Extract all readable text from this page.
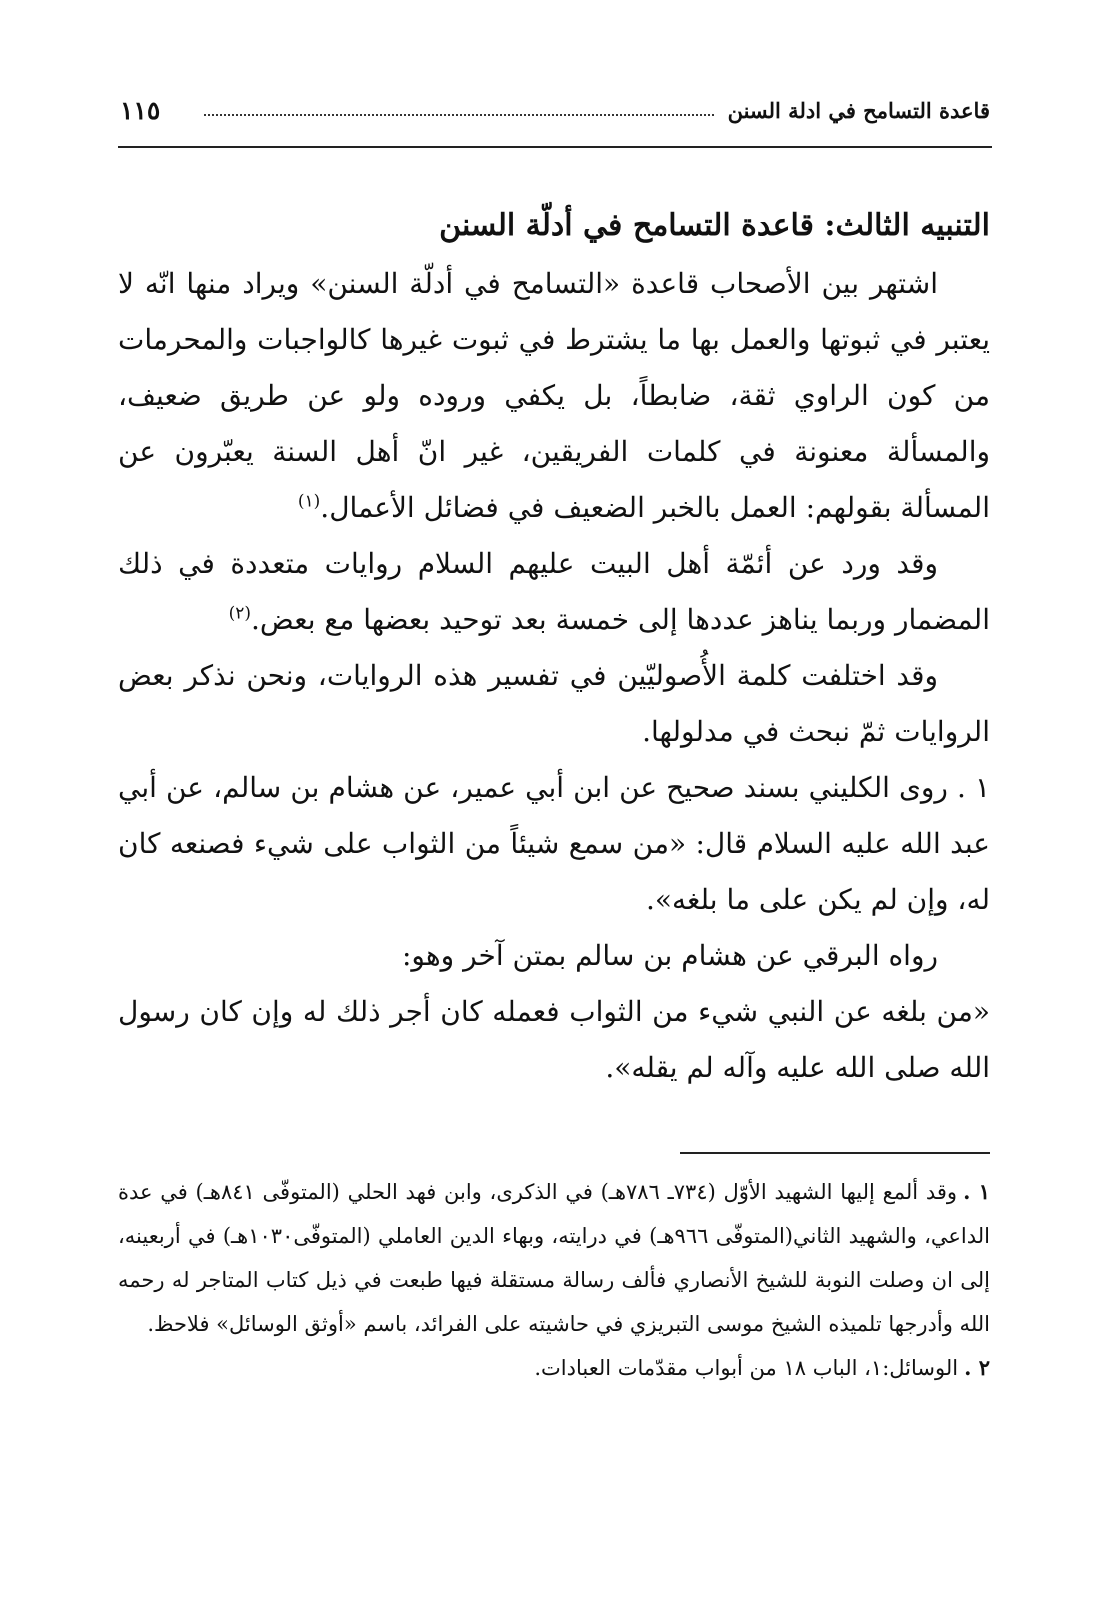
١١٥	قاعدة التسامح في ادلة السنن
التنبيه الثالث: قاعدة التسامح في أدلّة السنن

اشتهر بين الأصحاب قاعدة «التسامح في أدلّة السنن» ويراد منها انّه لا يعتبر في ثبوتها والعمل بها ما يشترط في ثبوت غيرها كالواجبات والمحرمات من كون الراوي ثقة، ضابطاً، بل يكفي وروده ولو عن طريق ضعيف، والمسألة معنونة في كلمات الفريقين، غير انّ أهل السنة يعبّرون عن المسألة بقولهم: العمل بالخبر الضعيف في فضائل الأعمال.$^{(١)}$

وقد ورد عن أئمّة أهل البيت عليهم السلام روايات متعددة في ذلك المضمار وربما يناهز عددها إلى خمسة بعد توحيد بعضها مع بعض.$^{(٢)}$

وقد اختلفت كلمة الأُصوليّين في تفسير هذه الروايات، ونحن نذكر بعض الروايات ثمّ نبحث في مدلولها.

١ . روى الكليني بسند صحيح عن ابن أبي عمير، عن هشام بن سالم، عن أبي عبد الله عليه السلام قال: «من سمع شيئاً من الثواب على شيء فصنعه كان له، وإن لم يكن على ما بلغه».

رواه البرقي عن هشام بن سالم بمتن آخر وهو:

«من بلغه عن النبي شيء من الثواب فعمله كان أجر ذلك له وإن كان رسول الله صلى الله عليه وآله لم يقله».

١ .وقد ألمع إليها الشهيد الأوّل (٧٣٤ـ ٧٨٦هـ) في الذكرى، وابن فهد الحلي (المتوفّى ٨٤١هـ) في عدة الداعي، والشهيد الثاني(المتوفّى ٩٦٦هـ) في درايته، وبهاء الدين العاملي (المتوفّى١٠٣٠هـ) في أربعينه، إلى ان وصلت النوبة للشيخ الأنصاري فألف رسالة مستقلة فيها طبعت في ذيل كتاب المتاجر له رحمه الله وأدرجها تلميذه الشيخ موسى التبريزي في حاشيته على الفرائد، باسم «أوثق الوسائل» فلاحظ.

٢ .الوسائل:١، الباب ١٨ من أبواب مقدّمات العبادات.
